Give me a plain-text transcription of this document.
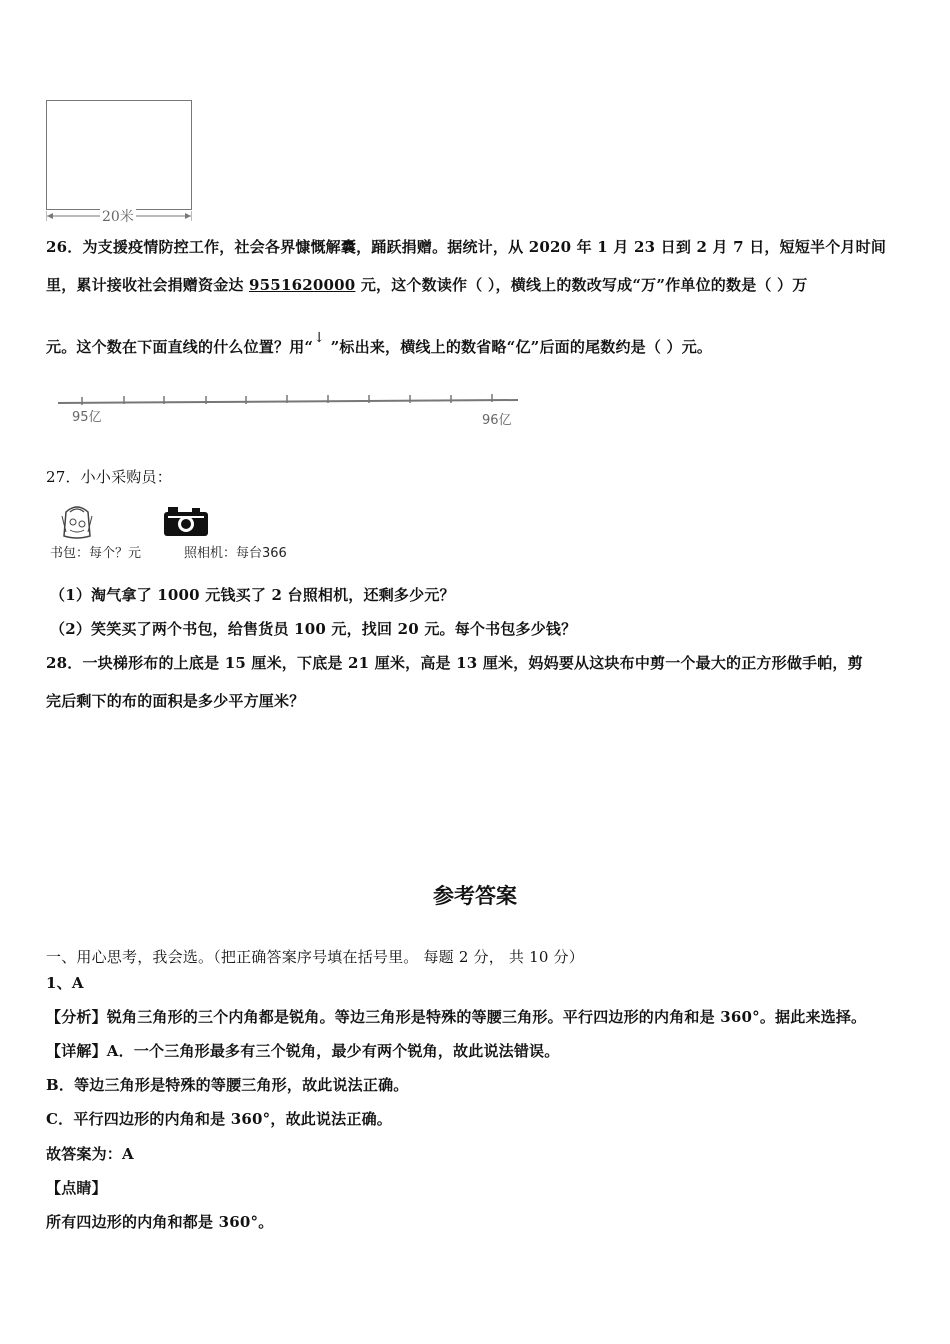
20米
26．为支援疫情防控工作，社会各界慷慨解囊，踊跃捐赠。据统计，从 2020 年 1 月 23 日到 2 月 7 日，短短半个月时间
里，累计接收社会捐赠资金达 9551620000 元，这个数读作（ ），横线上的数改写成“万”作单位的数是（ ）万
元。这个数在下面直线的什么位置？用“↓ ”标出来，横线上的数省略“亿”后面的尾数约是（ ）元。
95亿	96亿
27．小小采购员：
书包：每个？元	照相机：每台366
（1）淘气拿了 1000 元钱买了 2 台照相机，还剩多少元？
（2）笑笑买了两个书包，给售货员 100 元，找回 20 元。每个书包多少钱？
28．一块梯形布的上底是 15 厘米，下底是 21 厘米，高是 13 厘米，妈妈要从这块布中剪一个最大的正方形做手帕，剪
完后剩下的布的面积是多少平方厘米？
参考答案
一、用心思考，我会选。（把正确答案序号填在括号里。 每题 2 分， 共 10 分）
1、A
【分析】锐角三角形的三个内角都是锐角。等边三角形是特殊的等腰三角形。平行四边形的内角和是 360°。据此来选择。
【详解】A．一个三角形最多有三个锐角，最少有两个锐角，故此说法错误。
B．等边三角形是特殊的等腰三角形，故此说法正确。
C．平行四边形的内角和是 360°，故此说法正确。
故答案为：A
【点睛】
所有四边形的内角和都是 360°。
